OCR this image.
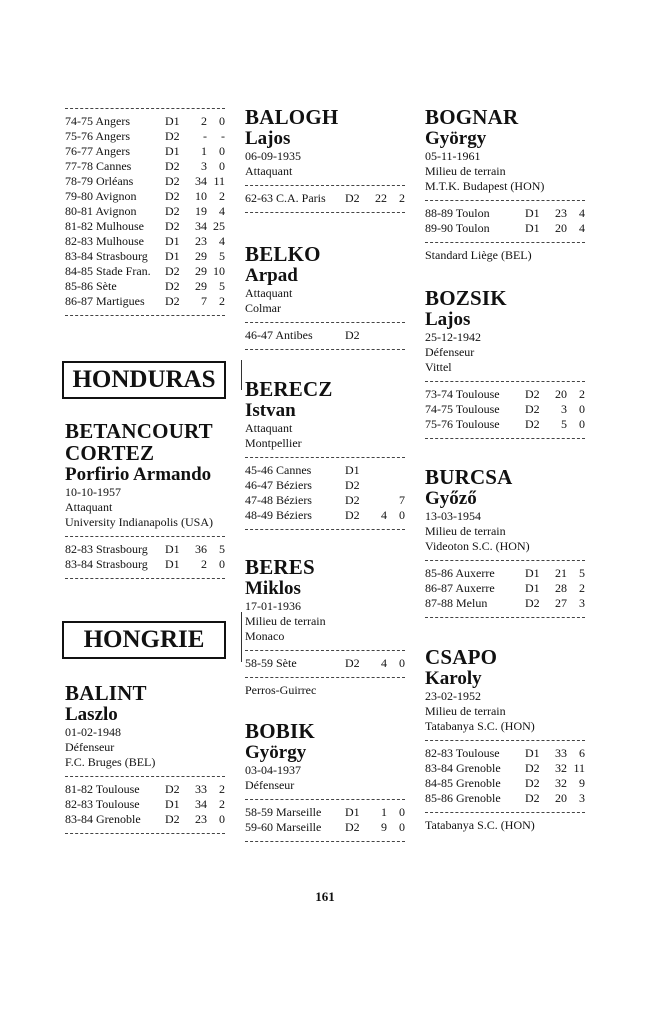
74-75 Angers	D1	2	0
75-76 Angers	D2	-	-
76-77 Angers	D1	1	0
77-78 Cannes	D2	3	0
78-79 Orléans	D2	34 11
79-80 Avignon	D2	10	2
80-81 Avignon	D2	19	4
81-82 Mulhouse	D2	34 25
82-83 Mulhouse	D1	23	4
83-84 Strasbourg	D1	29	5
84-85 Stade Fran.	D2	29 10
85-86 Sète	D2	29	5
86-87 Martigues	D2	7	2
HONDURAS
BETANCOURT
CORTEZ
Porfirio Armando
10-10-1957
Attaquant
University Indianapolis (USA)
82-83 Strasbourg	D1	36	5
83-84 Strasbourg	D1	2	0
HONGRIE
BALINT
Laszlo
01-02-1948
Défenseur
F.C. Bruges (BEL)
81-82 Toulouse	D2	33	2
82-83 Toulouse	D1	34	2
83-84 Grenoble	D2	23	0
BALOGH
Lajos
06-09-1935
Attaquant
62-63 C.A. Paris	D2	22	2
BELKO
Arpad
Attaquant
Colmar
46-47 Antibes	D2
BERECZ
Istvan
Attaquant
Montpellier
45-46 Cannes	D1
46-47 Béziers	D2
47-48 Béziers	D2	7
48-49 Béziers	D2	4	0
BERES
Miklos
17-01-1936
Milieu de terrain
Monaco
58-59 Sète	D2	4	0
Perros-Guirrec
BOBIK
György
03-04-1937
Défenseur
58-59 Marseille	D1	1	0
59-60 Marseille	D2	9	0
BOGNAR
György
05-11-1961
Milieu de terrain
M.T.K. Budapest (HON)
88-89 Toulon	D1	23	4
89-90 Toulon	D1	20	4
Standard Liège (BEL)
BOZSIK
Lajos
25-12-1942
Défenseur
Vittel
73-74 Toulouse	D2	20	2
74-75 Toulouse	D2	3	0
75-76 Toulouse	D2	5	0
BURCSA
Győző
13-03-1954
Milieu de terrain
Videoton S.C. (HON)
85-86 Auxerre	D1	21	5
86-87 Auxerre	D1	28	2
87-88 Melun	D2	27	3
CSAPO
Karoly
23-02-1952
Milieu de terrain
Tatabanya S.C. (HON)
82-83 Toulouse	D1	33	6
83-84 Grenoble	D2	32 11
84-85 Grenoble	D2	32	9
85-86 Grenoble	D2	20	3
Tatabanya S.C. (HON)
161
